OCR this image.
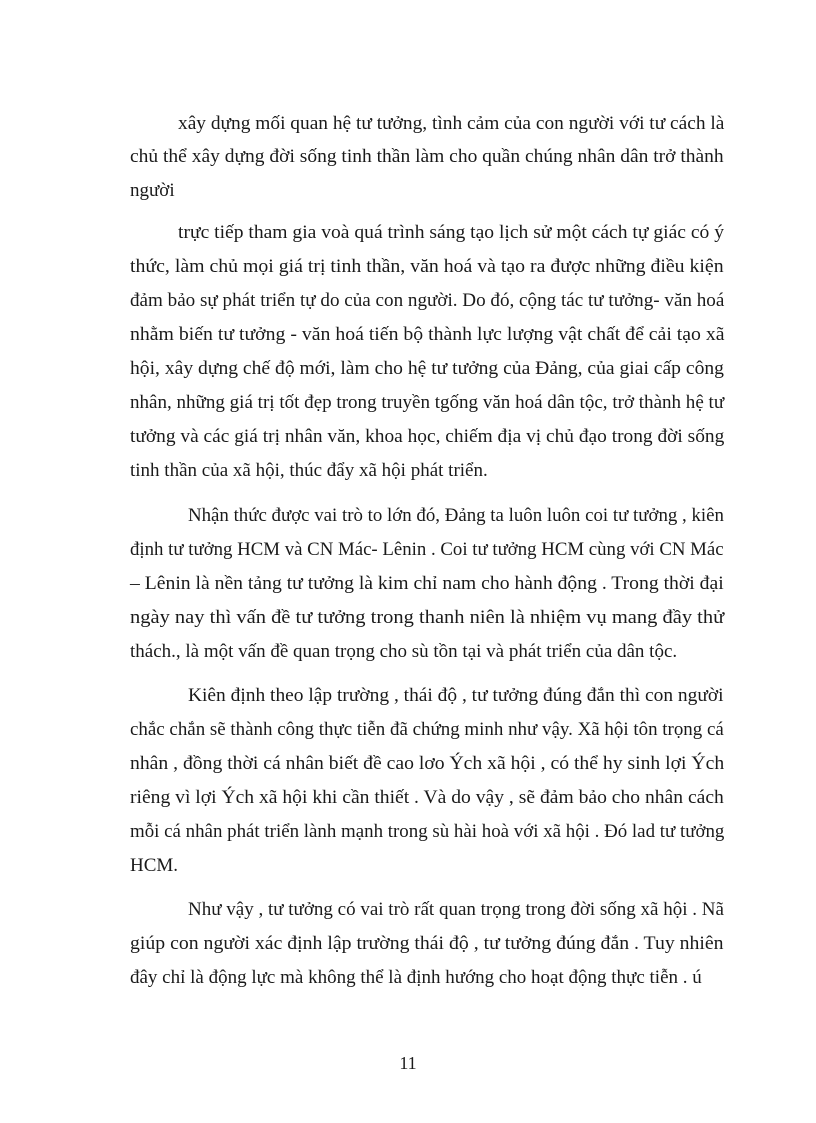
xây dựng mối quan hệ tư tưởng, tình cảm của con người với tư cách là
chủ thể xây dựng đời sống tinh thần làm cho quần chúng nhân dân trở thành
người
trực tiếp tham gia voà quá trình sáng tạo lịch sử một cách tự giác có ý
thức, làm chủ mọi giá trị tinh thần, văn hoá và tạo ra được những điều kiện
đảm bảo sự phát triển tự do của con người. Do đó, cộng tác tư tưởng- văn hoá
nhằm biến tư tưởng - văn hoá tiến bộ thành lực lượng vật chất để cải tạo xã
hội, xây dựng chế độ mới, làm cho hệ tư tưởng của Đảng, của giai cấp công
nhân, những giá trị tốt đẹp trong truyền tgống văn hoá dân tộc, trở thành hệ tư
tưởng và các giá trị nhân văn, khoa học, chiếm địa vị chủ đạo trong đời sống
tinh thần của xã hội, thúc đẩy xã hội phát triển.
Nhận thức được vai trò to lớn đó, Đảng ta luôn luôn coi tư tưởng , kiên
định tư tưởng HCM và CN Mác- Lênin . Coi tư tưởng HCM cùng với CN Mác
– Lênin là nền tảng tư tưởng là kim chỉ nam cho hành động . Trong thời đại
ngày nay thì vấn đề tư tưởng trong thanh niên là nhiệm vụ mang đầy thử
thách., là một vấn đề quan trọng cho sù tồn tại và phát triển của dân tộc.
Kiên định theo lập trường , thái độ , tư tưởng đúng đắn thì con người
chắc chắn sẽ thành công thực tiễn đã chứng minh như vậy. Xã hội tôn trọng cá
nhân , đồng thời cá nhân biết đề cao lơo Ých xã hội , có thể hy sinh lợi Ých
riêng vì lợi Ých xã hội khi cần thiết . Và do vậy , sẽ đảm bảo cho nhân cách
mỗi cá nhân phát triển lành mạnh trong sù hài hoà với xã hội . Đó lad tư tưởng
HCM.
Như vậy , tư tưởng có vai trò rất quan trọng trong đời sống xã hội . Nã
giúp con người xác định lập trường thái độ , tư tưởng đúng đắn . Tuy nhiên
đây chỉ là động lực mà không thể là định hướng cho hoạt động thực tiễn . ú
11
